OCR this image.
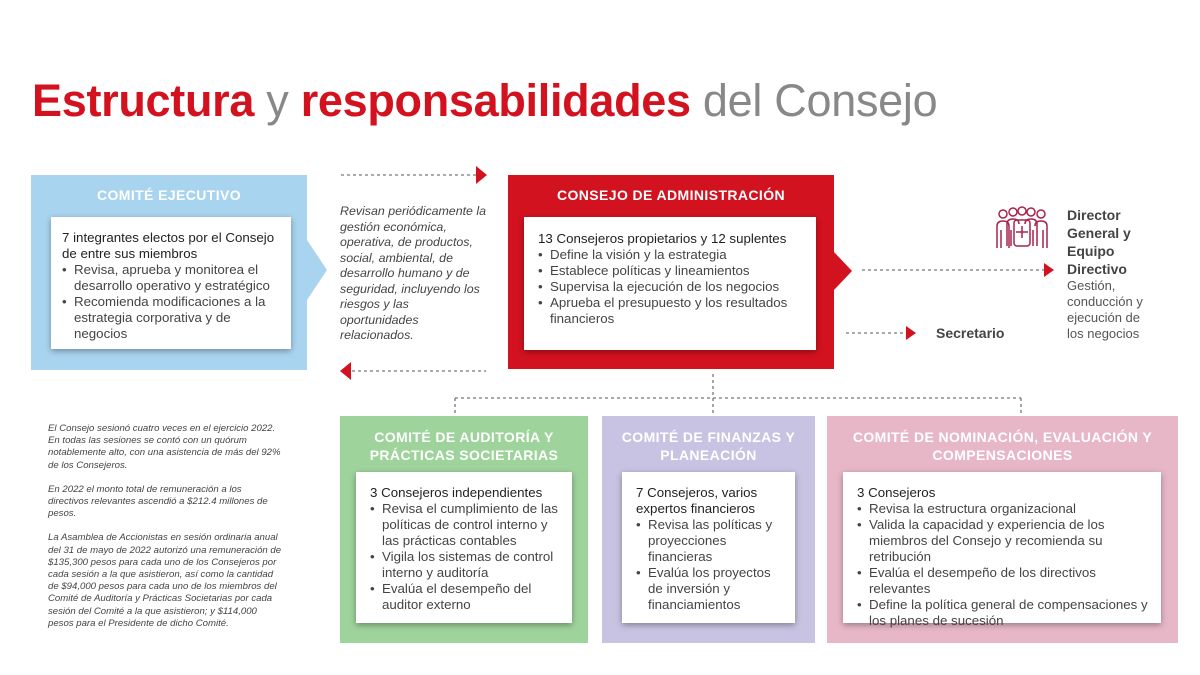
Estructura y responsabilidades del Consejo
COMITÉ EJECUTIVO
7 integrantes electos por el Consejo de entre sus miembros
• Revisa, aprueba y monitorea el desarrollo operativo y estratégico
• Recomienda modificaciones a la estrategia corporativa y de negocios
Revisan periódicamente la gestión económica, operativa, de productos, social, ambiental, de desarrollo humano y de seguridad, incluyendo los riesgos y las oportunidades relacionados.
CONSEJO DE ADMINISTRACIÓN
13 Consejeros propietarios y 12 suplentes
• Define la visión y la estrategia
• Establece políticas y lineamientos
• Supervisa la ejecución de los negocios
• Aprueba el presupuesto y los resultados financieros
Director General y Equipo Directivo
Gestión, conducción y ejecución de los negocios
Secretario
El Consejo sesionó cuatro veces en el ejercicio 2022. En todas las sesiones se contó con un quórum notablemente alto, con una asistencia de más del 92% de los Consejeros.
En 2022 el monto total de remuneración a los directivos relevantes ascendió a $212.4 millones de pesos.
La Asamblea de Accionistas en sesión ordinaria anual del 31 de mayo de 2022 autorizó una remuneración de $135,300 pesos para cada uno de los Consejeros por cada sesión a la que asistieron, así como la cantidad de $94,000 pesos para cada uno de los miembros del Comité de Auditoría y Prácticas Societarias por cada sesión del Comité a la que asistieron; y $114,000 pesos para el Presidente de dicho Comité.
COMITÉ DE AUDITORÍA Y PRÁCTICAS SOCIETARIAS
3 Consejeros independientes
• Revisa el cumplimiento de las políticas de control interno y las prácticas contables
• Vigila los sistemas de control interno y auditoría
• Evalúa el desempeño del auditor externo
COMITÉ DE FINANZAS Y PLANEACIÓN
7 Consejeros, varios expertos financieros
• Revisa las políticas y proyecciones financieras
• Evalúa los proyectos de inversión y financiamientos
COMITÉ DE NOMINACIÓN, EVALUACIÓN Y COMPENSACIONES
3 Consejeros
• Revisa la estructura organizacional
• Valida la capacidad y experiencia de los miembros del Consejo y recomienda su retribución
• Evalúa el desempeño de los directivos relevantes
• Define la política general de compensaciones y los planes de sucesión
